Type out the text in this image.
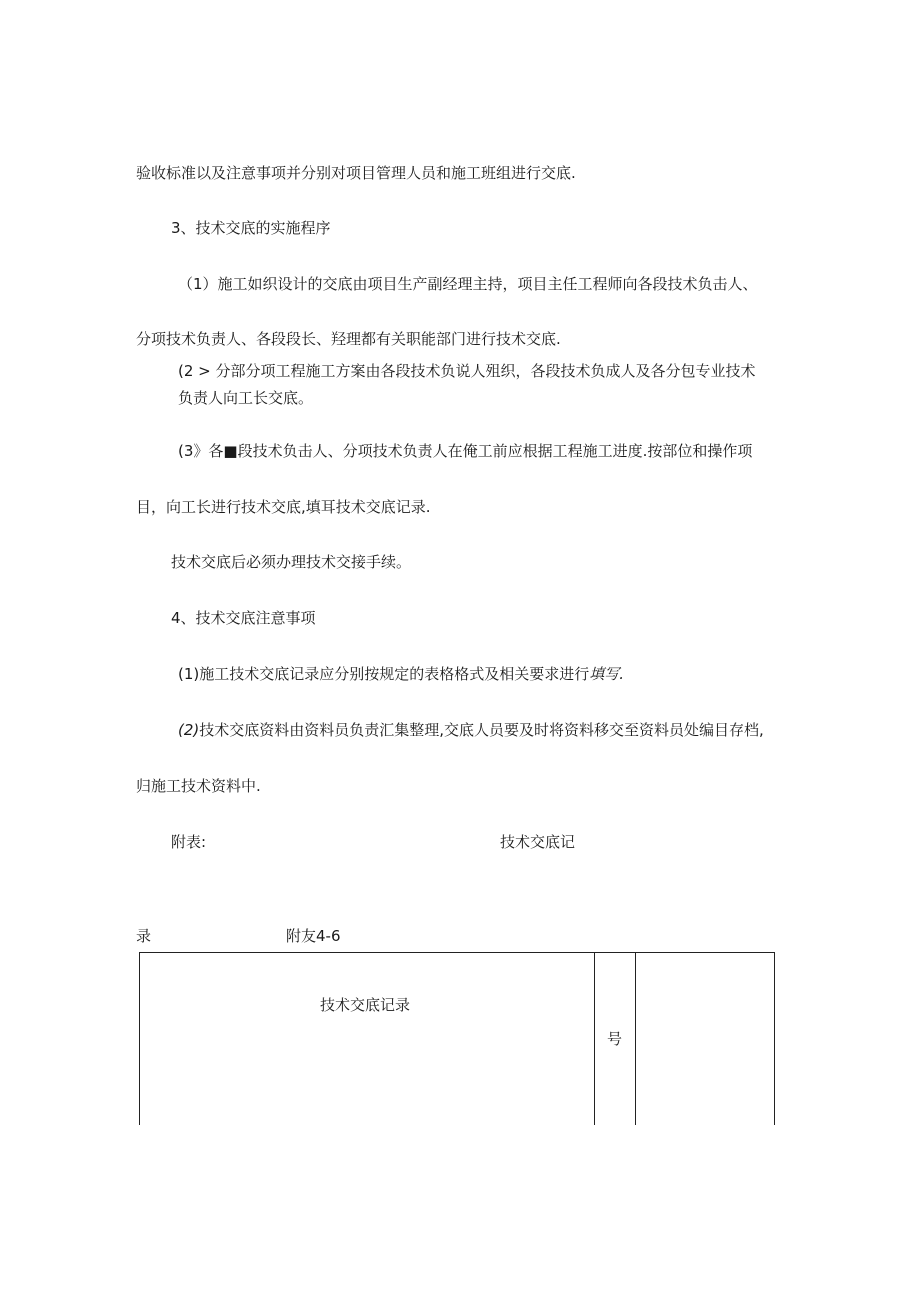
验收标准以及注意事项并分别对项目管理人员和施工班组进行交底.
3、技术交底的实施程序
（1）施工如织设计的交底由项目生产副经理主持，项目主任工程师向各段技术负击人、
分项技术负责人、各段段长、羟理都有关职能部门进行技术交底.
(2 > 分部分项工程施工方案由各段技术负说人殂织，各段技术负成人及各分包专业技术
负责人向工长交底。
(3》各■段技术负击人、分项技术负责人在俺工前应根据工程施工进度.按部位和操作项
目，向工长进行技术交底,填耳技术交底记录.
技术交底后必须办理技术交接手续。
4、技术交底注意事项
(1)施工技术交底记录应分别按规定的表格格式及相关要求进行填写.
(2)技术交底资料由资料员负责汇集整理,交底人员要及时将资料移交至资料员处编目存档,
归施工技术资料中.
附表:	技术交底记
录	附友4-6
技术交底记录
号
